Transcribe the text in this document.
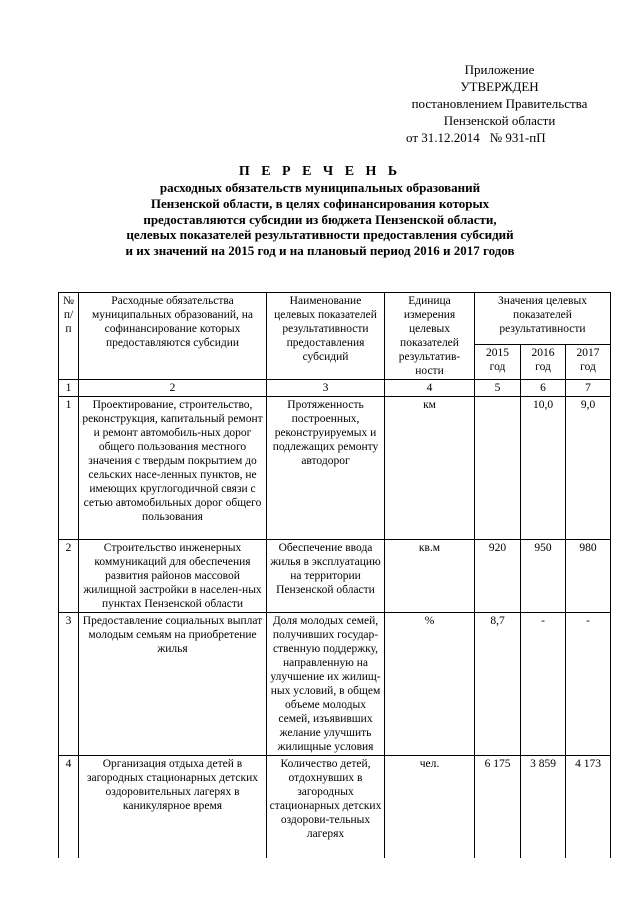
Приложение
УТВЕРЖДЕН
постановлением Правительства
Пензенской области
от 31.12.2014 № 931-пП
П Е Р Е Ч Е Н Ь
расходных обязательств муниципальных образований
Пензенской области, в целях софинансирования которых
предоставляются субсидии из бюджета Пензенской области,
целевых показателей результативности предоставления субсидий
и их значений на 2015 год и на плановый период 2016 и 2017 годов
№ п/п	Расходные обязательства муниципальных образований, на софинансирование которых предоставляются субсидии	Наименование целевых показателей результативности предоставления субсидий	Единица измерения целевых показателей результатив-ности	Значения целевых показателей результативности		
				2015 год	2016 год	2017 год
1	2	3	4	5	6	7
1	Проектирование, строительство, реконструкция, капитальный ремонт и ремонт автомобиль-ных дорог общего пользования местного значения с твердым покрытием до сельских насе-ленных пунктов, не имеющих круглогодичной связи с сетью автомобильных дорог общего пользования	Протяженность построенных, реконструируемых и подлежащих ремонту автодорог	км		10,0	9,0
2	Строительство инженерных коммуникаций для обеспечения развития районов массовой жилищной застройки в населен-ных пунктах Пензенской области	Обеспечение ввода жилья в эксплуатацию на территории Пензенской области	кв.м	920	950	980
3	Предоставление социальных выплат молодым семьям на приобретение жилья	Доля молодых семей, получивших государ-ственную поддержку, направленную на улучшение их жилищ-ных условий, в общем объеме молодых семей, изъявивших желание улучшить жилищные условия	%	8,7	-	-
4	Организация отдыха детей в загородных стационарных детских оздоровительных лагерях в каникулярное время	Количество детей, отдохнувших в загородных стационарных детских оздорови-тельных лагерях	чел.	6 175	3 859	4 173
